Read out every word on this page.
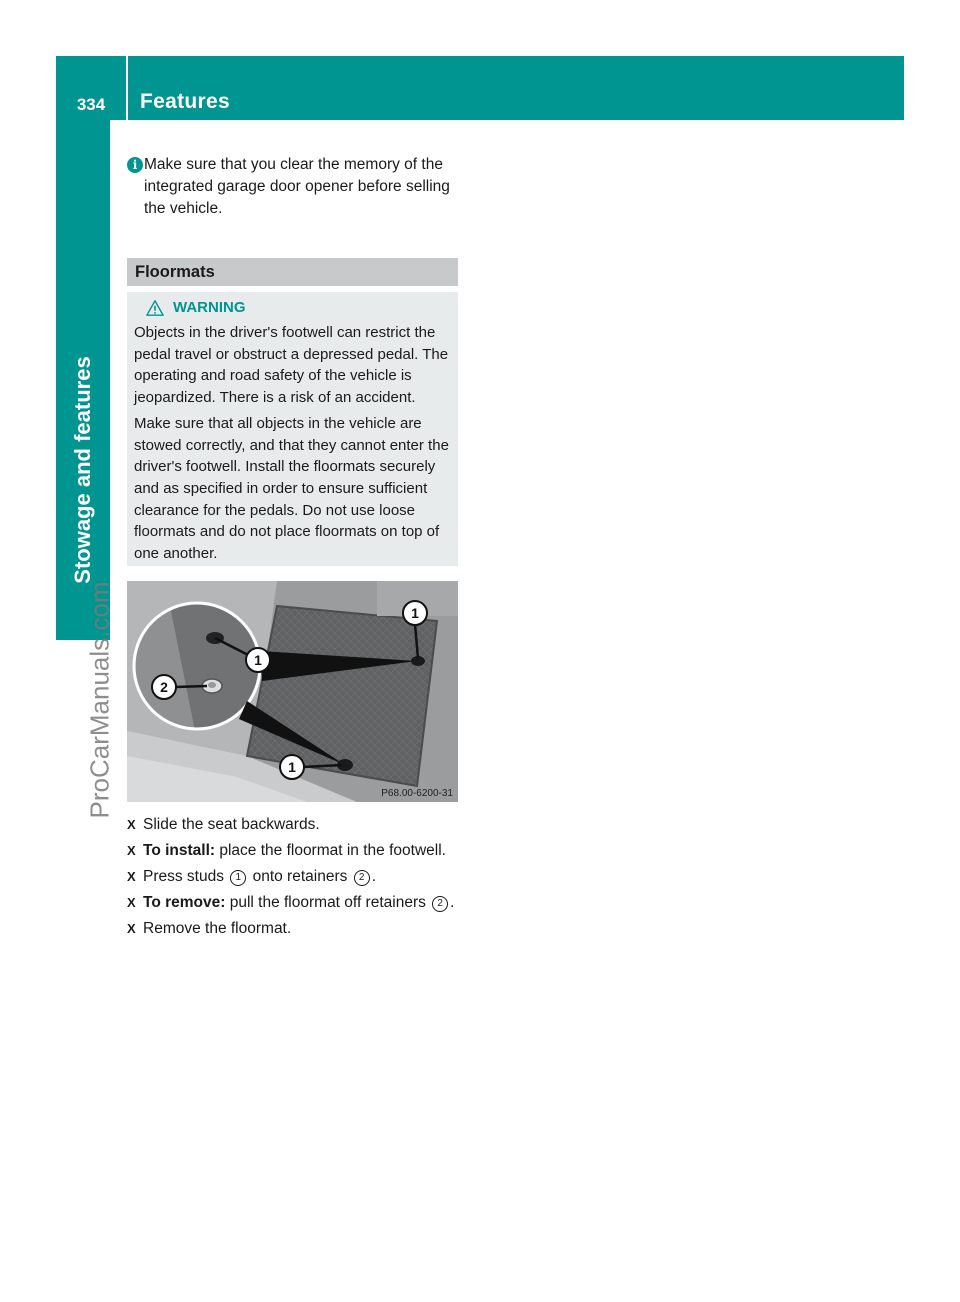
334	Features
Stowage and features
ProCarManuals.com
i Make sure that you clear the memory of the integrated garage door opener before selling the vehicle.
Floormats
WARNING

Objects in the driver's footwell can restrict the pedal travel or obstruct a depressed pedal. The operating and road safety of the vehicle is jeopardized. There is a risk of an accident.

Make sure that all objects in the vehicle are stowed correctly, and that they cannot enter the driver's footwell. Install the floormats securely and as specified in order to ensure sufficient clearance for the pedals. Do not use loose floormats and do not place floormats on top of one another.

1
1
2
1
P68.00-6200-31
X Slide the seat backwards.
X To install: place the floormat in the footwell.
X Press studs 1 onto retainers 2 .
X To remove: pull the floormat off retainers 2 .
X Remove the floormat.
